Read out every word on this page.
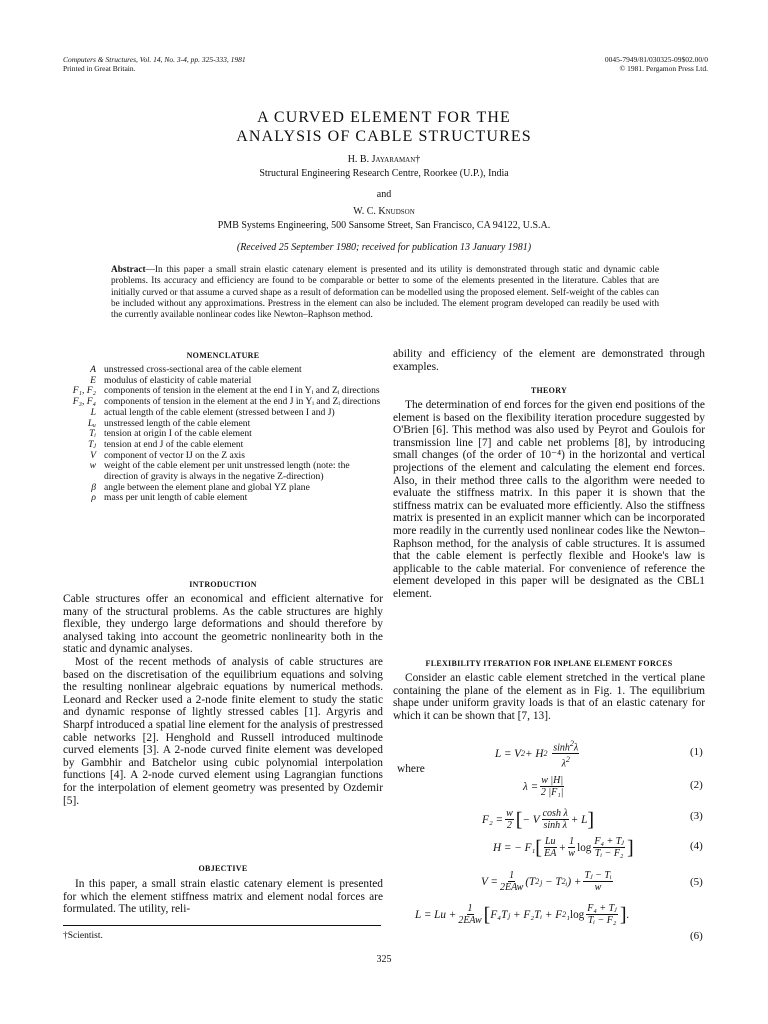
Computers & Structures, Vol. 14, No. 3-4, pp. 325-333, 1981
Printed in Great Britain.
0045-7949/81/030325-09$02.00/0
© 1981. Pergamon Press Ltd.
A CURVED ELEMENT FOR THE
ANALYSIS OF CABLE STRUCTURES
H. B. Jayaraman†
Structural Engineering Research Centre, Roorkee (U.P.), India
and
W. C. Knudson
PMB Systems Engineering, 500 Sansome Street, San Francisco, CA 94122, U.S.A.
(Received 25 September 1980; received for publication 13 January 1981)
Abstract—In this paper a small strain elastic catenary element is presented and its utility is demonstrated through static and dynamic cable problems. Its accuracy and efficiency are found to be comparable or better to some of the elements presented in the literature. Cables that are initially curved or that assume a curved shape as a result of deformation can be modelled using the proposed element. Self-weight of the cables can be included without any approximations. Prestress in the element can also be included. The element program developed can readily be used with the currently available nonlinear codes like Newton–Raphson method.
NOMENCLATURE
A unstressed cross-sectional area of the cable element
E modulus of elasticity of cable material
F₁, F₂ components of tension in the element at the end I in Yᵢ and Zᵢ directions
F₃, F₄ components of tension in the element at the end J in Yᵢ and Zᵢ directions
L actual length of the cable element (stressed between I and J)
Lᵤ unstressed length of the cable element
Tᵢ tension at origin I of the cable element
Tⱼ tension at end J of the cable element
V component of vector IJ on the Z axis
w weight of the cable element per unit unstressed length (note: the direction of gravity is always in the negative Z-direction)
β angle between the element plane and global YZ plane
ρ mass per unit length of cable element
INTRODUCTION

Cable structures offer an economical and efficient alternative for many of the structural problems. As the cable structures are highly flexible, they undergo large deformations and should therefore by analysed taking into account the geometric nonlinearity both in the static and dynamic analyses.

Most of the recent methods of analysis of cable structures are based on the discretisation of the equilibrium equations and solving the resulting nonlinear algebraic equations by numerical methods. Leonard and Recker used a 2-node finite element to study the static and dynamic response of lightly stressed cables [1]. Argyris and Sharpf introduced a spatial line element for the analysis of prestressed cable networks [2]. Henghold and Russell introduced multinode curved elements [3]. A 2-node curved finite element was developed by Gambhir and Batchelor using cubic polynomial interpolation functions [4]. A 2-node curved element using Lagrangian functions for the interpolation of element geometry was presented by Ozdemir [5].

OBJECTIVE

In this paper, a small strain elastic catenary element is presented for which the element stiffness matrix and element nodal forces are formulated. The utility, reli-

†Scientist.

ability and efficiency of the element are demonstrated through examples.

THEORY

The determination of end forces for the given end positions of the element is based on the flexibility iteration procedure suggested by O'Brien [6]. This method was also used by Peyrot and Goulois for transmission line [7] and cable net problems [8], by introducing small changes (of the order of 10⁻⁴) in the horizontal and vertical projections of the element and calculating the element end forces. Also, in their method three calls to the algorithm were needed to evaluate the stiffness matrix. In this paper it is shown that the stiffness matrix can be evaluated more efficiently. Also the stiffness matrix is presented in an explicit manner which can be incorporated more readily in the currently used nonlinear codes like the Newton–Raphson method, for the analysis of cable structures. It is assumed that the cable element is perfectly flexible and Hooke's law is applicable to the cable material. For convenience of reference the element developed in this paper will be designated as the CBL1 element.

FLEXIBILITY ITERATION FOR INPLANE ELEMENT FORCES

Consider an elastic cable element stretched in the vertical plane containing the plane of the element as in Fig. 1. The equilibrium shape under uniform gravity loads is that of an elastic catenary for which it can be shown that [7, 13].

L = V 2 + H 2
$\frac{\sinh^2\lambda}{\lambda^2}$	(1)
where
$\lambda = \frac{w |H|}{\text{2 |F₁|}}$	(2)
$F_2 = \frac{w}{2}$ [ − V $\frac{\text{cosh λ}}{\text{sinh λ}} + L$ ]	(3)
H = − F₁ [ $\frac{Lu}{EA} + \frac{1}{w}$ $\log \frac{\text{F₄ + Tⱼ}}{\text{Tᵢ − F₂}}$ ]	(4)
$V = \frac{1}{\text{2EAw}} (T$ 2 ⱼ − T 2 ᵢ) + $\frac{\text{Tⱼ − Tᵢ}}{w}$	(5)
$L = Lu + \frac{1}{\text{2EAw}}$ [ F₄Tⱼ + F₂Tᵢ + F 2 ₁ $\log \frac{\text{F₄ + Tⱼ}}{\text{Tᵢ − F₂}}$ ] .
(6)
325
